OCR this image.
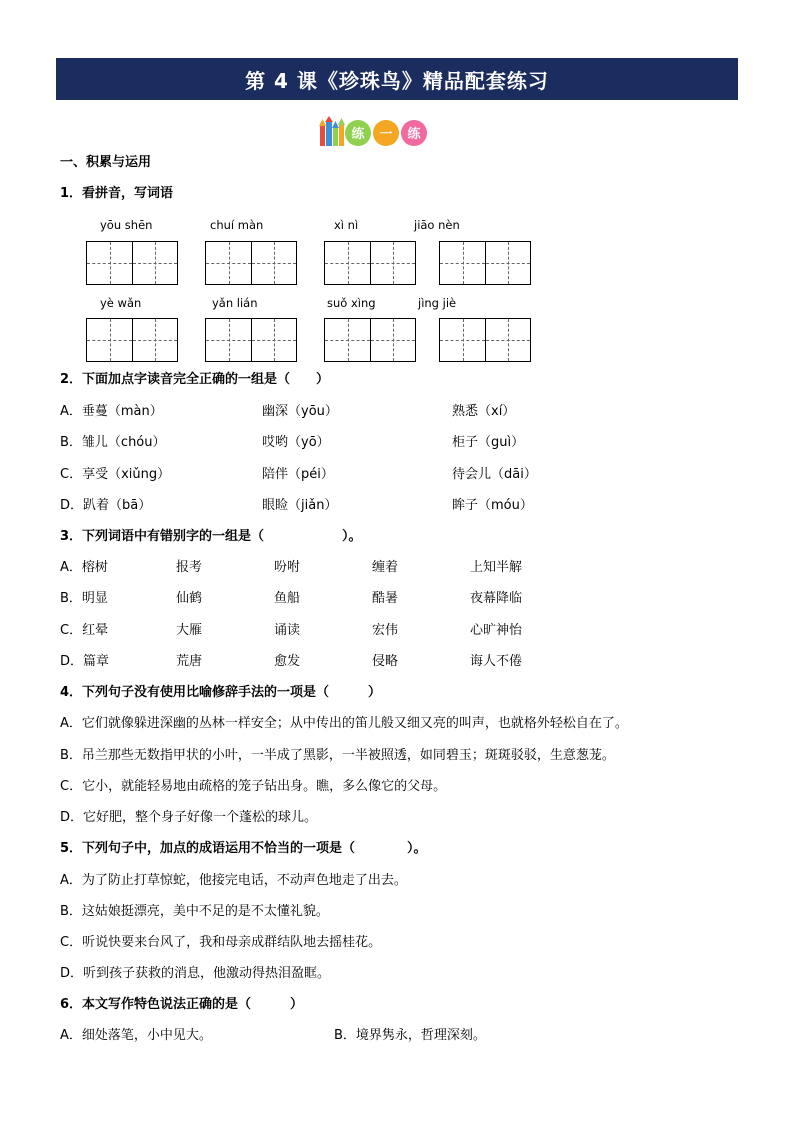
第 4 课《珍珠鸟》精品配套练习
练 一 练
一、积累与运用
1．看拼音，写词语
yōu shēn	chuí màn	xì nì	jiāo nèn
yè wǎn	yǎn lián	suǒ xìng	jìng jiè
2．下面加点字读音完全正确的一组是（　　）
A．垂蔓（màn）	幽深（yōu）	熟悉（xí）
B．雏儿（chóu）	哎哟（yō）	柜子（guì）
C．享受（xiǔng）	陪伴（péi）	待会儿（dāi）
D．趴着（bā）	眼睑（jiǎn）	眸子（móu）
3．下列词语中有错别字的一组是（　　　　　　）。
A．榕树	报考	吩咐	缠着	上知半解
B．明显	仙鹤	鱼船	酷暑	夜幕降临
C．红晕	大雁	诵读	宏伟	心旷神怡
D．篇章	荒唐	愈发	侵略	诲人不倦
4．下列句子没有使用比喻修辞手法的一项是（　　　）
A．它们就像躲进深幽的丛林一样安全；从中传出的笛儿般又细又亮的叫声，也就格外轻松自在了。
B．吊兰那些无数指甲状的小叶，一半成了黑影，一半被照透，如同碧玉；斑斑驳驳，生意葱茏。
C．它小，就能轻易地由疏格的笼子钻出身。瞧，多么像它的父母。
D．它好肥，整个身子好像一个蓬松的球儿。
5．下列句子中，加点的成语运用不恰当的一项是（　　　　）。
A．为了防止打草惊蛇，他接完电话，不动声色地走了出去。
B．这姑娘挺漂亮，美中不足的是不太懂礼貌。
C．听说快要来台风了，我和母亲成群结队地去摇桂花。
D．听到孩子获救的消息，他激动得热泪盈眶。
6．本文写作特色说法正确的是（　　　）
A．细处落笔，小中见大。	B．境界隽永，哲理深刻。
